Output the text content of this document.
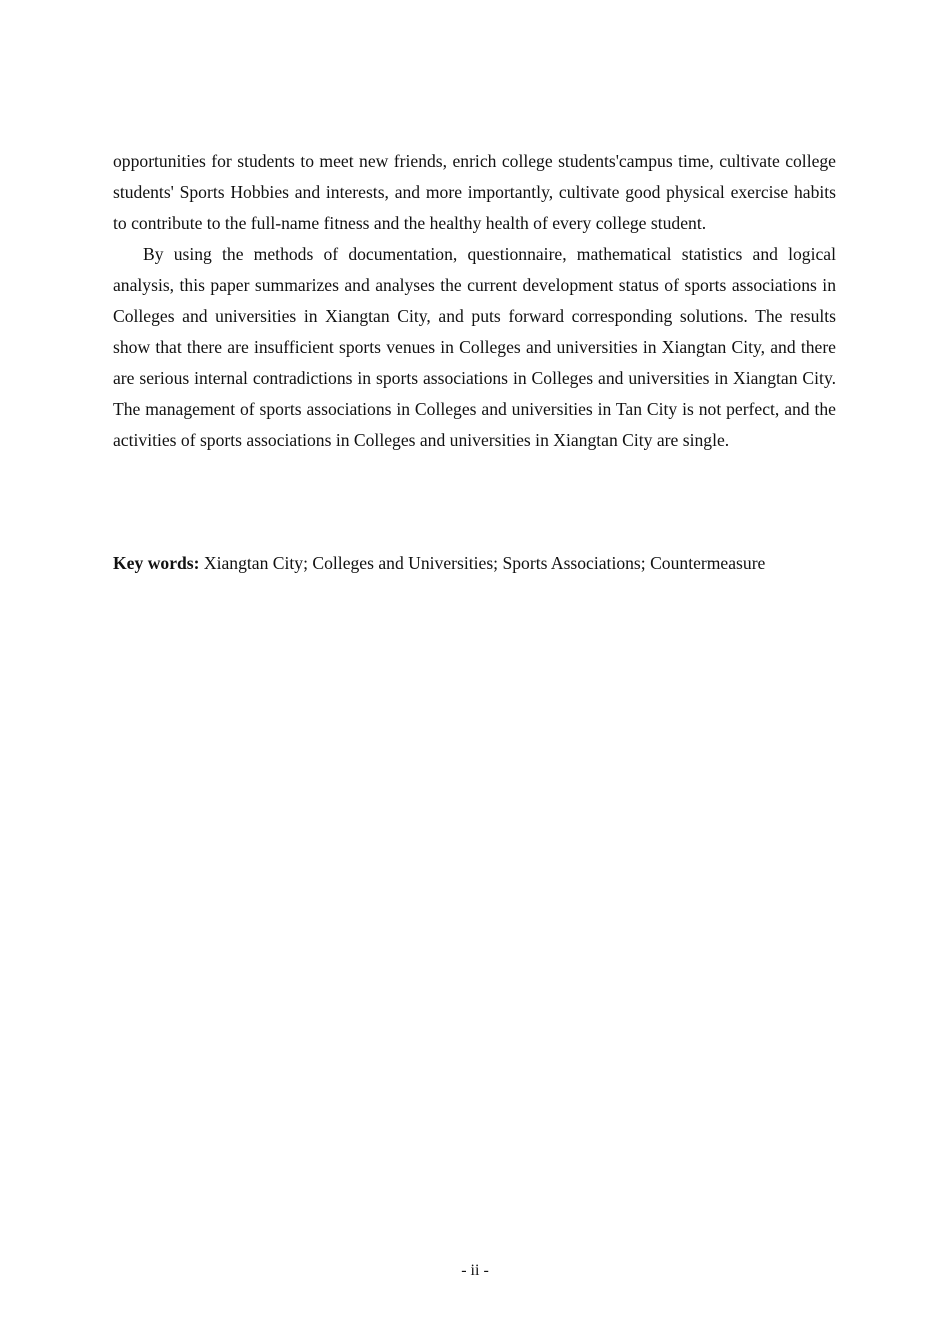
opportunities for students to meet new friends, enrich college students'campus time, cultivate college students' Sports Hobbies and interests, and more importantly, cultivate good physical exercise habits to contribute to the full-name fitness and the healthy health of every college student.

By using the methods of documentation, questionnaire, mathematical statistics and logical analysis, this paper summarizes and analyses the current development status of sports associations in Colleges and universities in Xiangtan City, and puts forward corresponding solutions. The results show that there are insufficient sports venues in Colleges and universities in Xiangtan City, and there are serious internal contradictions in sports associations in Colleges and universities in Xiangtan City. The management of sports associations in Colleges and universities in Tan City is not perfect, and the activities of sports associations in Colleges and universities in Xiangtan City are single.

Key words: Xiangtan City; Colleges and Universities; Sports Associations; Countermeasure
- ii -
